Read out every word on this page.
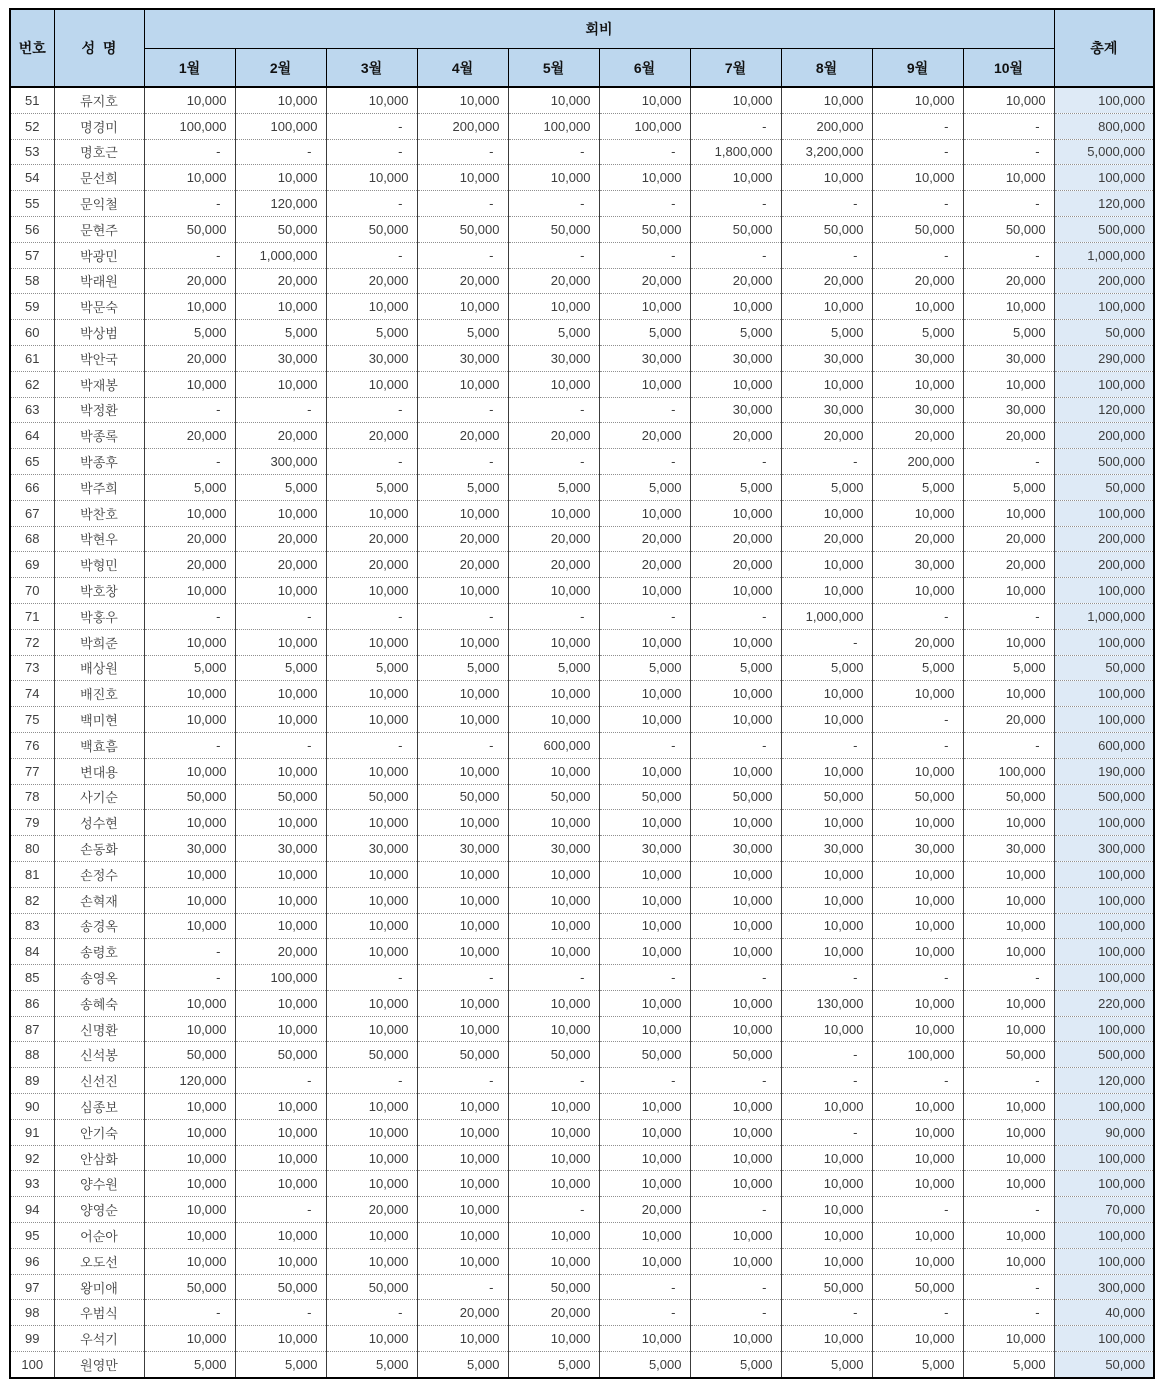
번호	성  명	회비										총계
		1월	2월	3월	4월	5월	6월	7월	8월	9월	10월	
51	류지호	10,000	10,000	10,000	10,000	10,000	10,000	10,000	10,000	10,000	10,000	100,000
52	명경미	100,000	100,000	-	200,000	100,000	100,000	-	200,000	-	-	800,000
53	명호근	-	-	-	-	-	-	1,800,000	3,200,000	-	-	5,000,000
54	문선희	10,000	10,000	10,000	10,000	10,000	10,000	10,000	10,000	10,000	10,000	100,000
55	문익철	-	120,000	-	-	-	-	-	-	-	-	120,000
56	문현주	50,000	50,000	50,000	50,000	50,000	50,000	50,000	50,000	50,000	50,000	500,000
57	박광민	-	1,000,000	-	-	-	-	-	-	-	-	1,000,000
58	박래원	20,000	20,000	20,000	20,000	20,000	20,000	20,000	20,000	20,000	20,000	200,000
59	박문숙	10,000	10,000	10,000	10,000	10,000	10,000	10,000	10,000	10,000	10,000	100,000
60	박상범	5,000	5,000	5,000	5,000	5,000	5,000	5,000	5,000	5,000	5,000	50,000
61	박안국	20,000	30,000	30,000	30,000	30,000	30,000	30,000	30,000	30,000	30,000	290,000
62	박재봉	10,000	10,000	10,000	10,000	10,000	10,000	10,000	10,000	10,000	10,000	100,000
63	박정환	-	-	-	-	-	-	30,000	30,000	30,000	30,000	120,000
64	박종록	20,000	20,000	20,000	20,000	20,000	20,000	20,000	20,000	20,000	20,000	200,000
65	박종후	-	300,000	-	-	-	-	-	-	200,000	-	500,000
66	박주희	5,000	5,000	5,000	5,000	5,000	5,000	5,000	5,000	5,000	5,000	50,000
67	박찬호	10,000	10,000	10,000	10,000	10,000	10,000	10,000	10,000	10,000	10,000	100,000
68	박현우	20,000	20,000	20,000	20,000	20,000	20,000	20,000	20,000	20,000	20,000	200,000
69	박형민	20,000	20,000	20,000	20,000	20,000	20,000	20,000	10,000	30,000	20,000	200,000
70	박호창	10,000	10,000	10,000	10,000	10,000	10,000	10,000	10,000	10,000	10,000	100,000
71	박홍우	-	-	-	-	-	-	-	1,000,000	-	-	1,000,000
72	박희준	10,000	10,000	10,000	10,000	10,000	10,000	10,000	-	20,000	10,000	100,000
73	배상원	5,000	5,000	5,000	5,000	5,000	5,000	5,000	5,000	5,000	5,000	50,000
74	배진호	10,000	10,000	10,000	10,000	10,000	10,000	10,000	10,000	10,000	10,000	100,000
75	백미현	10,000	10,000	10,000	10,000	10,000	10,000	10,000	10,000	-	20,000	100,000
76	백효흠	-	-	-	-	600,000	-	-	-	-	-	600,000
77	변대용	10,000	10,000	10,000	10,000	10,000	10,000	10,000	10,000	10,000	100,000	190,000
78	사기순	50,000	50,000	50,000	50,000	50,000	50,000	50,000	50,000	50,000	50,000	500,000
79	성수현	10,000	10,000	10,000	10,000	10,000	10,000	10,000	10,000	10,000	10,000	100,000
80	손동화	30,000	30,000	30,000	30,000	30,000	30,000	30,000	30,000	30,000	30,000	300,000
81	손정수	10,000	10,000	10,000	10,000	10,000	10,000	10,000	10,000	10,000	10,000	100,000
82	손혁재	10,000	10,000	10,000	10,000	10,000	10,000	10,000	10,000	10,000	10,000	100,000
83	송경옥	10,000	10,000	10,000	10,000	10,000	10,000	10,000	10,000	10,000	10,000	100,000
84	송령호	-	20,000	10,000	10,000	10,000	10,000	10,000	10,000	10,000	10,000	100,000
85	송영옥	-	100,000	-	-	-	-	-	-	-	-	100,000
86	송혜숙	10,000	10,000	10,000	10,000	10,000	10,000	10,000	130,000	10,000	10,000	220,000
87	신명환	10,000	10,000	10,000	10,000	10,000	10,000	10,000	10,000	10,000	10,000	100,000
88	신석봉	50,000	50,000	50,000	50,000	50,000	50,000	50,000	-	100,000	50,000	500,000
89	신선진	120,000	-	-	-	-	-	-	-	-	-	120,000
90	심종보	10,000	10,000	10,000	10,000	10,000	10,000	10,000	10,000	10,000	10,000	100,000
91	안기숙	10,000	10,000	10,000	10,000	10,000	10,000	10,000	-	10,000	10,000	90,000
92	안삼화	10,000	10,000	10,000	10,000	10,000	10,000	10,000	10,000	10,000	10,000	100,000
93	양수원	10,000	10,000	10,000	10,000	10,000	10,000	10,000	10,000	10,000	10,000	100,000
94	양영순	10,000	-	20,000	10,000	-	20,000	-	10,000	-	-	70,000
95	어순아	10,000	10,000	10,000	10,000	10,000	10,000	10,000	10,000	10,000	10,000	100,000
96	오도선	10,000	10,000	10,000	10,000	10,000	10,000	10,000	10,000	10,000	10,000	100,000
97	왕미애	50,000	50,000	50,000	-	50,000	-	-	50,000	50,000	-	300,000
98	우범식	-	-	-	20,000	20,000	-	-	-	-	-	40,000
99	우석기	10,000	10,000	10,000	10,000	10,000	10,000	10,000	10,000	10,000	10,000	100,000
100	원영만	5,000	5,000	5,000	5,000	5,000	5,000	5,000	5,000	5,000	5,000	50,000
